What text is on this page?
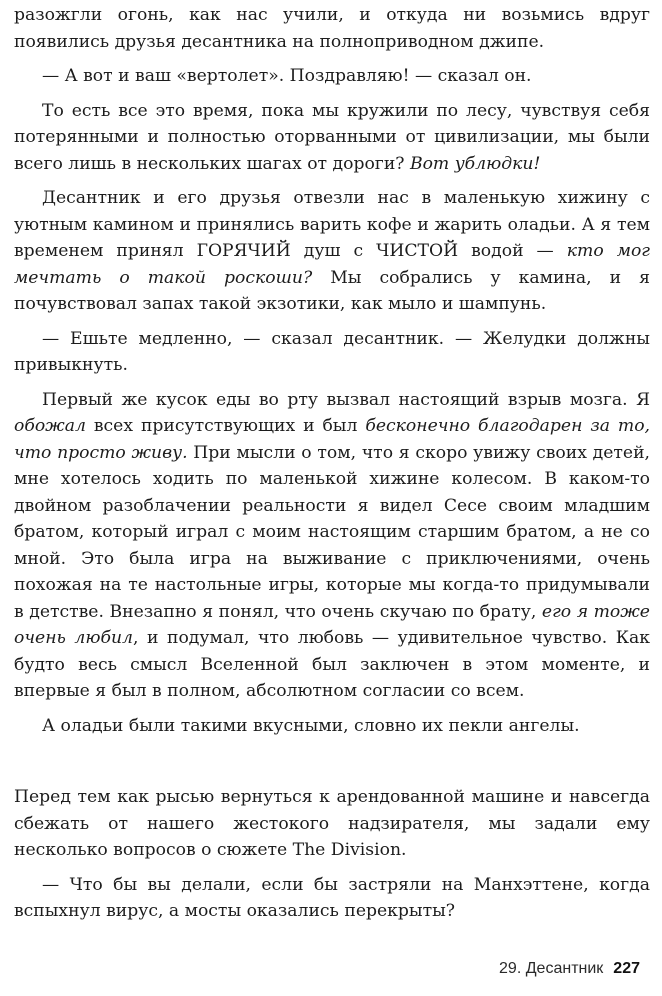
разожгли огонь, как нас учили, и откуда ни возьмись вдруг появились друзья десантника на полноприводном джипе.

— А вот и ваш «вертолет». Поздравляю! — сказал он.

То есть все это время, пока мы кружили по лесу, чувствуя себя потерянными и полностью оторванными от цивилизации, мы были всего лишь в нескольких шагах от дороги? Вот ублюдки!

Десантник и его друзья отвезли нас в маленькую хижину с уютным камином и принялись варить кофе и жарить оладьи. А я тем временем принял ГОРЯЧИЙ душ с ЧИСТОЙ водой — кто мог мечтать о такой роскоши? Мы собрались у камина, и я почувствовал запах такой экзотики, как мыло и шампунь.

— Ешьте медленно, — сказал десантник. — Желудки должны привыкнуть.

Первый же кусок еды во рту вызвал настоящий взрыв мозга. Я обожал всех присутствующих и был бесконечно благодарен за то, что просто живу. При мысли о том, что я скоро увижу своих детей, мне хотелось ходить по маленькой хижине колесом. В каком-то двойном разоблачении реальности я видел Сесе своим младшим братом, который играл с моим настоящим старшим братом, а не со мной. Это была игра на выживание с приключениями, очень похожая на те настольные игры, которые мы когда-то придумывали в детстве. Внезапно я понял, что очень скучаю по брату, его я тоже очень любил, и подумал, что любовь — удивительное чувство. Как будто весь смысл Вселенной был заключен в этом моменте, и впервые я был в полном, абсолютном согласии со всем.

А оладьи были такими вкусными, словно их пекли ангелы.

Перед тем как рысью вернуться к арендованной машине и навсегда сбежать от нашего жестокого надзирателя, мы задали ему несколько вопросов о сюжете The Division.

— Что бы вы делали, если бы застряли на Манхэттене, когда вспыхнул вирус, а мосты оказались перекрыты?

29. Десантник 227
